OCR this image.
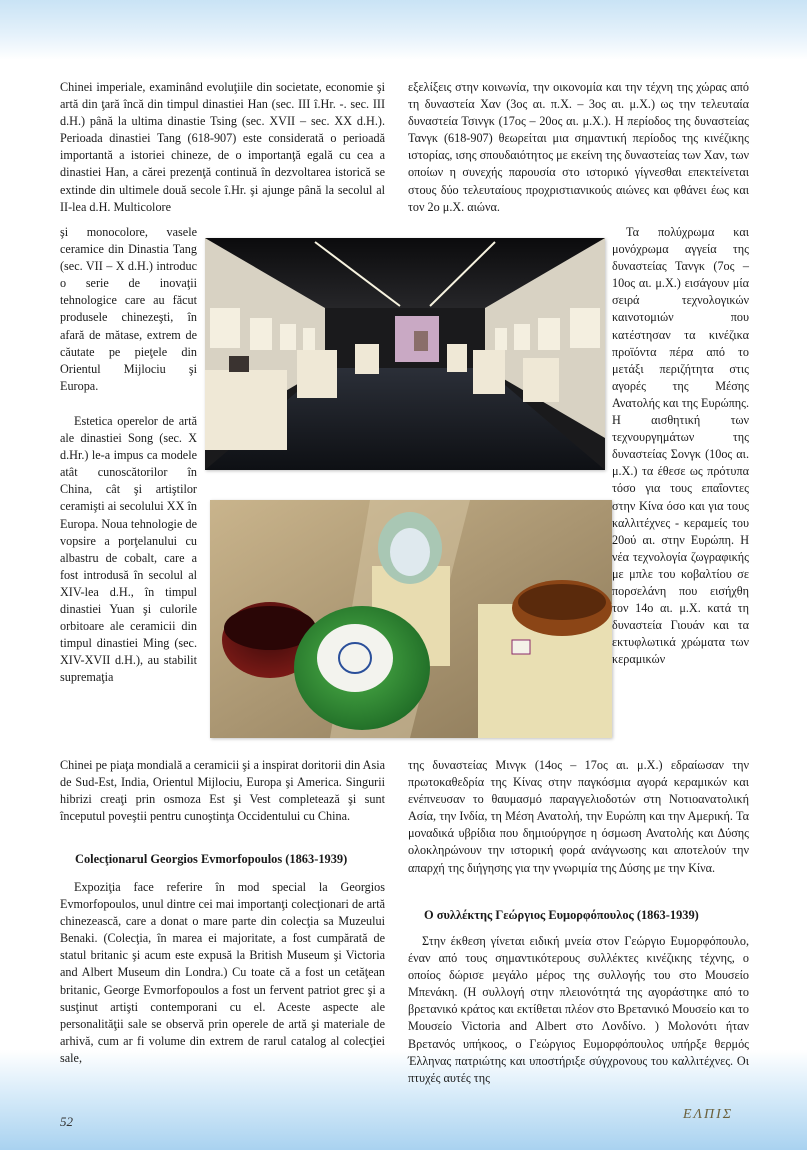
Chinei imperiale, examinând evoluţiile din societate, economie şi artă din ţară încă din timpul dinastiei Han (sec. III î.Hr. -. sec. III d.H.) până la ultima dinastie Tsing (sec. XVII – sec. XX d.H.). Perioada dinastiei Tang (618-907) este considerată o perioadă importantă a istoriei chineze, de o importanţă egală cu cea a dinastiei Han, a cărei prezenţă continuă în dezvoltarea istorică se extinde din ultimele două secole î.Hr. şi ajunge până la secolul al II-lea d.H. Multicolore

şi monocolore, vasele ceramice din Dinastia Tang (sec. VII – X d.H.) introduc o serie de inovaţii tehnologice care au făcut produsele chinezeşti, în afară de mătase, extrem de căutate pe pieţele din Orientul Mijlociu şi Europa.

Estetica operelor de artă ale dinastiei Song (sec. X d.Hr.) le-a impus ca modele atât cunoscătorilor în China, cât şi artiştilor ceramişti ai secolului XX în Europa. Noua tehnologie de vopsire a porţelanului cu albastru de cobalt, care a fost introdusă în secolul al XIV-lea d.H., în timpul dinastiei Yuan şi culorile orbitoare ale ceramicii din timpul dinastiei Ming (sec. XIV-XVII d.H.), au stabilit supremaţia

Chinei pe piaţa mondială a ceramicii şi a inspirat doritorii din Asia de Sud-Est, India, Orientul Mijlociu, Europa şi America. Singurii hibrizi creaţi prin osmoza Est şi Vest completează şi sunt începutul poveştii pentru cunoştinţa Occidentului cu China.

Colecţionarul Georgios Evmorfopoulos (1863-1939)

Expoziţia face referire în mod special la Georgios Evmorfopoulos, unul dintre cei mai importanţi colecţionari de artă chinezească, care a donat o mare parte din colecţia sa Muzeului Benaki. (Colecţia, în marea ei majoritate, a fost cumpărată de statul britanic şi acum este expusă la British Museum şi Victoria and Albert Museum din Londra.) Cu toate că a fost un cetăţean britanic, George Evmorfopoulos a fost un fervent patriot grec şi a susţinut artişti contemporani cu el. Aceste aspecte ale personalităţii sale se observă prin operele de artă şi materiale de arhivă, cum ar fi volume din extrem de rarul catalog al colecţiei sale,

εξελίξεις στην κοινωνία, την οικονομία και την τέχνη της χώρας από τη δυναστεία Χαν (3ος αι. π.Χ. – 3ος αι. μ.Χ.) ως την τελευταία δυναστεία Τσινγκ (17ος – 20ος αι. μ.Χ.). Η περίοδος της δυναστείας Τανγκ (618-907) θεωρείται μια σημαντική περίοδος της κινέζικης ιστορίας, ισης σπουδαιότητος με εκείνη της δυναστείας των Χαν, των οποίων η συνεχής παρουσία στο ιστορικό γίγνεσθαι επεκτείνεται στους δύο τελευταίους προχριστιανικούς αιώνες και φθάνει έως και τον 2ο μ.Χ. αιώνα.

Τα πολύχρωμα και μονόχρωμα αγγεία της δυναστείας Τανγκ (7ος – 10ος αι. μ.Χ.) εισάγουν μία σειρά τεχνολογικών καινοτομιών που κατέστησαν τα κινέζικα προϊόντα πέρα από το μετάξι περιζήτητα στις αγορές της Μέσης Ανατολής και της Ευρώπης. Η αισθητική των τεχνουργημάτων της δυναστείας Σονγκ (10ος αι. μ.Χ.) τα έθεσε ως πρότυπα τόσο για τους επαΐοντες στην Κίνα όσο και για τους καλλιτέχνες - κεραμείς του 20ού αι. στην Ευρώπη. Η νέα τεχνολογία ζωγραφικής με μπλε του κοβαλτίου σε πορσελάνη που εισήχθη τον 14ο αι. μ.Χ. κατά τη δυναστεία Γιουάν και τα εκτυφλωτικά χρώματα των κεραμικών

της δυναστείας Μινγκ (14ος – 17ος αι. μ.Χ.) εδραίωσαν την πρωτοκαθεδρία της Κίνας στην παγκόσμια αγορά κεραμικών και ενέπνευσαν το θαυμασμό παραγγελιοδοτών στη Νοτιοανατολική Ασία, την Ινδία, τη Μέση Ανατολή, την Ευρώπη και την Αμερική. Τα μοναδικά υβρίδια που δημιούργησε η όσμωση Ανατολής και Δύσης ολοκληρώνουν την ιστορική φορά ανάγνωσης και αποτελούν την απαρχή της διήγησης για την γνωριμία της Δύσης με την Κίνα.

Ο συλλέκτης Γεώργιος Ευμορφόπουλος (1863-1939)

Στην έκθεση γίνεται ειδική μνεία στον Γεώργιο Ευμορφόπουλο, έναν από τους σημαντικότερους συλλέκτες κινέζικης τέχνης, ο οποίος δώρισε μεγάλο μέρος της συλλογής του στο Μουσείο Μπενάκη. (Η συλλογή στην πλειονότητά της αγοράστηκε από το βρετανικό κράτος και εκτίθεται πλέον στο Βρετανικό Μουσείο και το Μουσείο Victoria and Albert στο Λονδίνο. ) Μολονότι ήταν Βρετανός υπήκοος, ο Γεώργιος Ευμορφόπουλος υπήρξε θερμός Έλληνας πατριώτης και υποστήριξε σύγχρονους του καλλιτέχνες. Οι πτυχές αυτές της

52	ΕΛΠΙΣ
